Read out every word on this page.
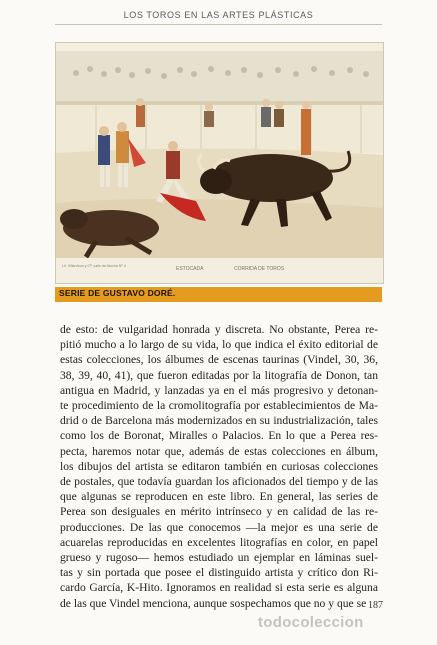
LOS TOROS EN LAS ARTES PLÁSTICAS
Lit. Villardoun y Cª, calle de Atocha Nº 4	ESTOCADA	CORRIDA DE TOROS
SERIE DE GUSTAVO DORÉ.

de esto: de vulgaridad honrada y discreta. No obstante, Perea re-
pitió mucho a lo largo de su vida, lo que indica el éxito editorial de
estas colecciones, los álbumes de escenas taurinas (Vindel, 30, 36,
38, 39, 40, 41), que fueron editadas por la litografía de Donon, tan
antigua en Madrid, y lanzadas ya en el más progresivo y detonan-
te procedimiento de la cromolitografía por establecimientos de Ma-
drid o de Barcelona más modernizados en su industrialización, tales
como los de Boronat, Miralles o Palacios. En lo que a Perea res-
pecta, haremos notar que, además de estas colecciones en álbum,
los dibujos del artista se editaron también en curiosas colecciones
de postales, que todavía guardan los aficionados del tiempo y de las
que algunas se reproducen en este libro. En general, las series de
Perea son desiguales en mérito intrínseco y en calidad de las re-
producciones. De las que conocemos —la mejor es una serie de
acuarelas reproducidas en excelentes litografías en color, en papel
grueso y rugoso— hemos estudiado un ejemplar en láminas suel-
tas y sin portada que posee el distinguido artista y crítico don Ri-
cardo García, K-Hito. Ignoramos en realidad si esta serie es alguna
de las que Vindel menciona, aunque sospechamos que no y que se 187
todocoleccion
